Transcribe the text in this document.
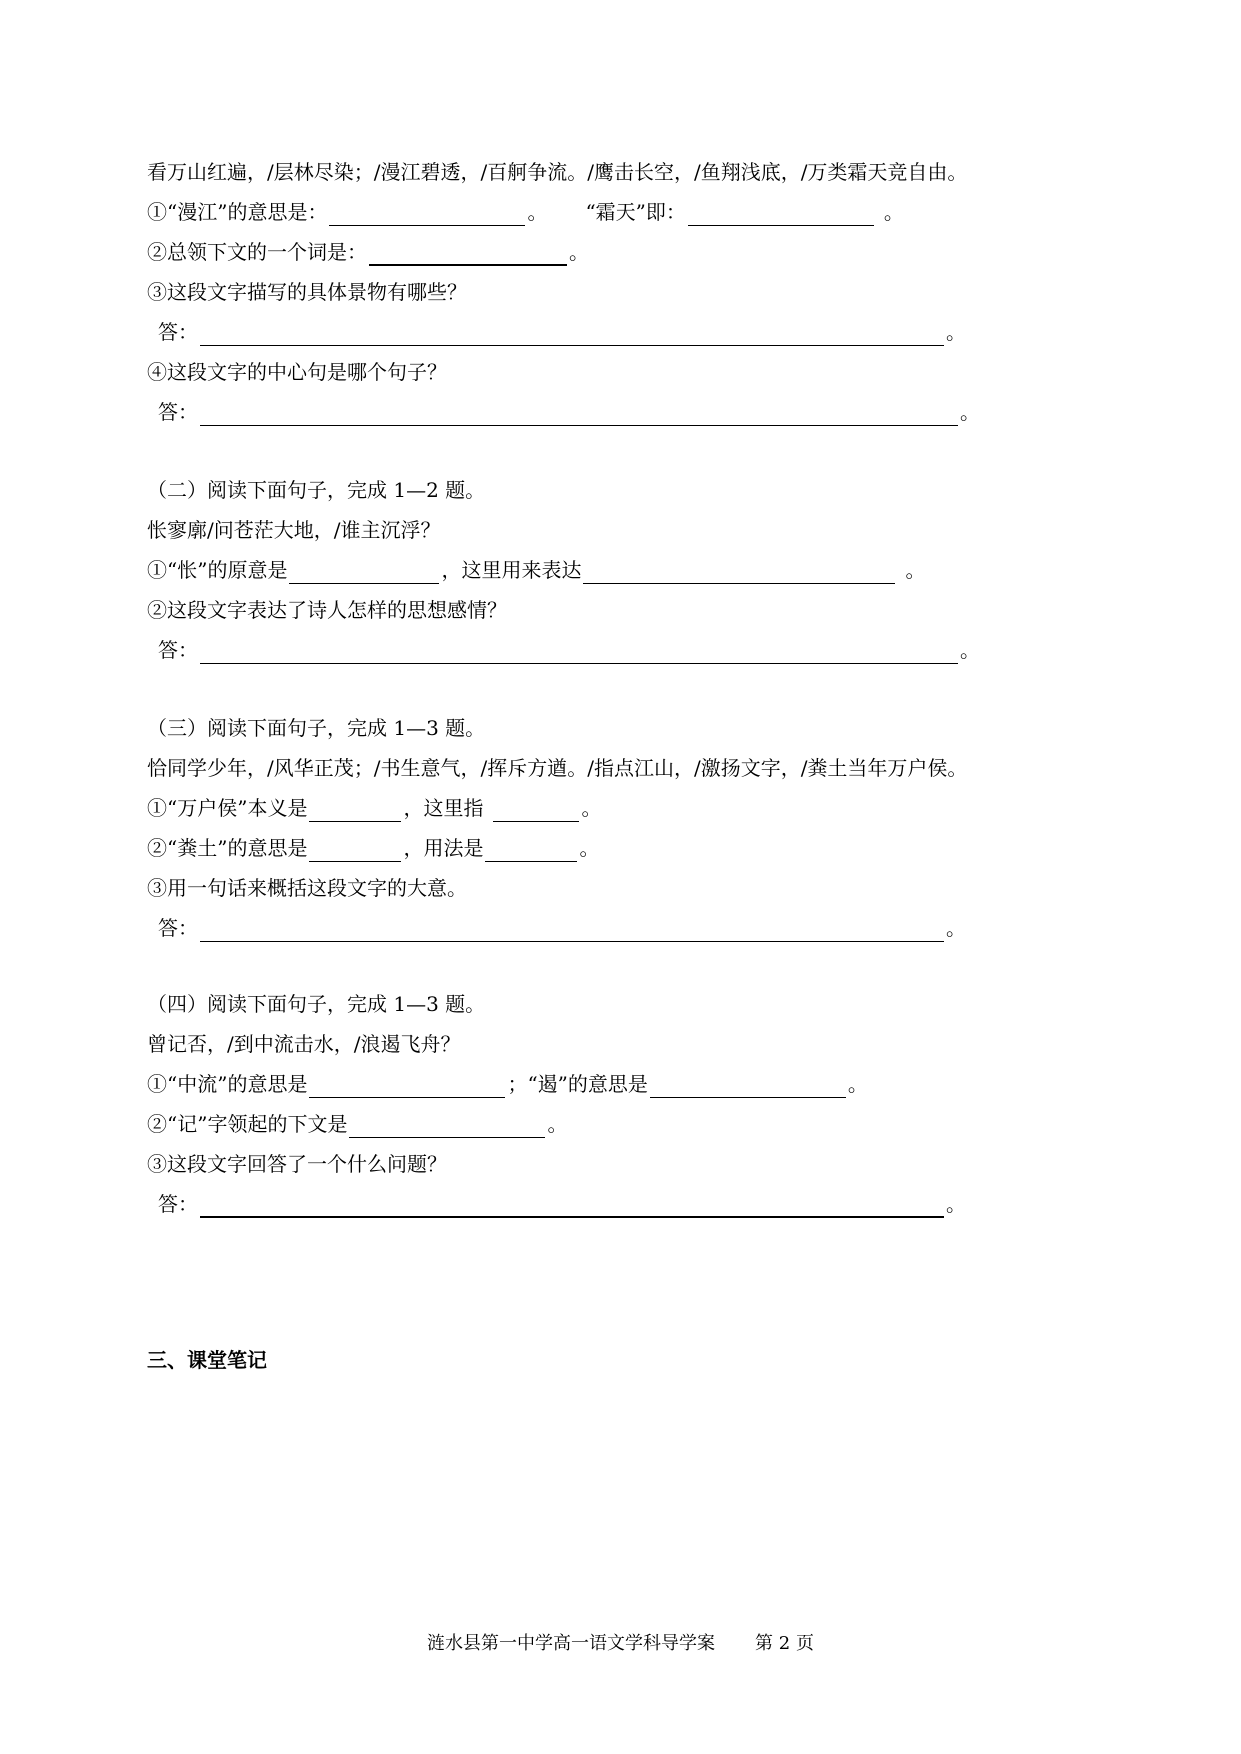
看万山红遍，/层林尽染；/漫江碧透，/百舸争流。/鹰击长空，/鱼翔浅底，/万类霜天竞自由。
①“漫江”的意思是：	。 “霜天”即：	。
②总领下文的一个词是：	。
③这段文字描写的具体景物有哪些？
答：	。
④这段文字的中心句是哪个句子？
答：	。
（二）阅读下面句子，完成 1—2 题。
怅寥廓/问苍茫大地，/谁主沉浮？
①“怅”的原意是	，这里用来表达	。
②这段文字表达了诗人怎样的思想感情？
答：	。
（三）阅读下面句子，完成 1—3 题。
恰同学少年，/风华正茂；/书生意气，/挥斥方遒。/指点江山，/激扬文字，/粪土当年万户侯。
①“万户侯”本义是	，这里指	。
②“粪土”的意思是	，用法是	。
③用一句话来概括这段文字的大意。
答：	。
（四）阅读下面句子，完成 1—3 题。
曾记否，/到中流击水，/浪遏飞舟？
①“中流”的意思是	；“遏”的意思是	。
②“记”字领起的下文是	。
③这段文字回答了一个什么问题？
答：	。
三、课堂笔记
涟水县第一中学高一语文学科导学案 第 2 页
